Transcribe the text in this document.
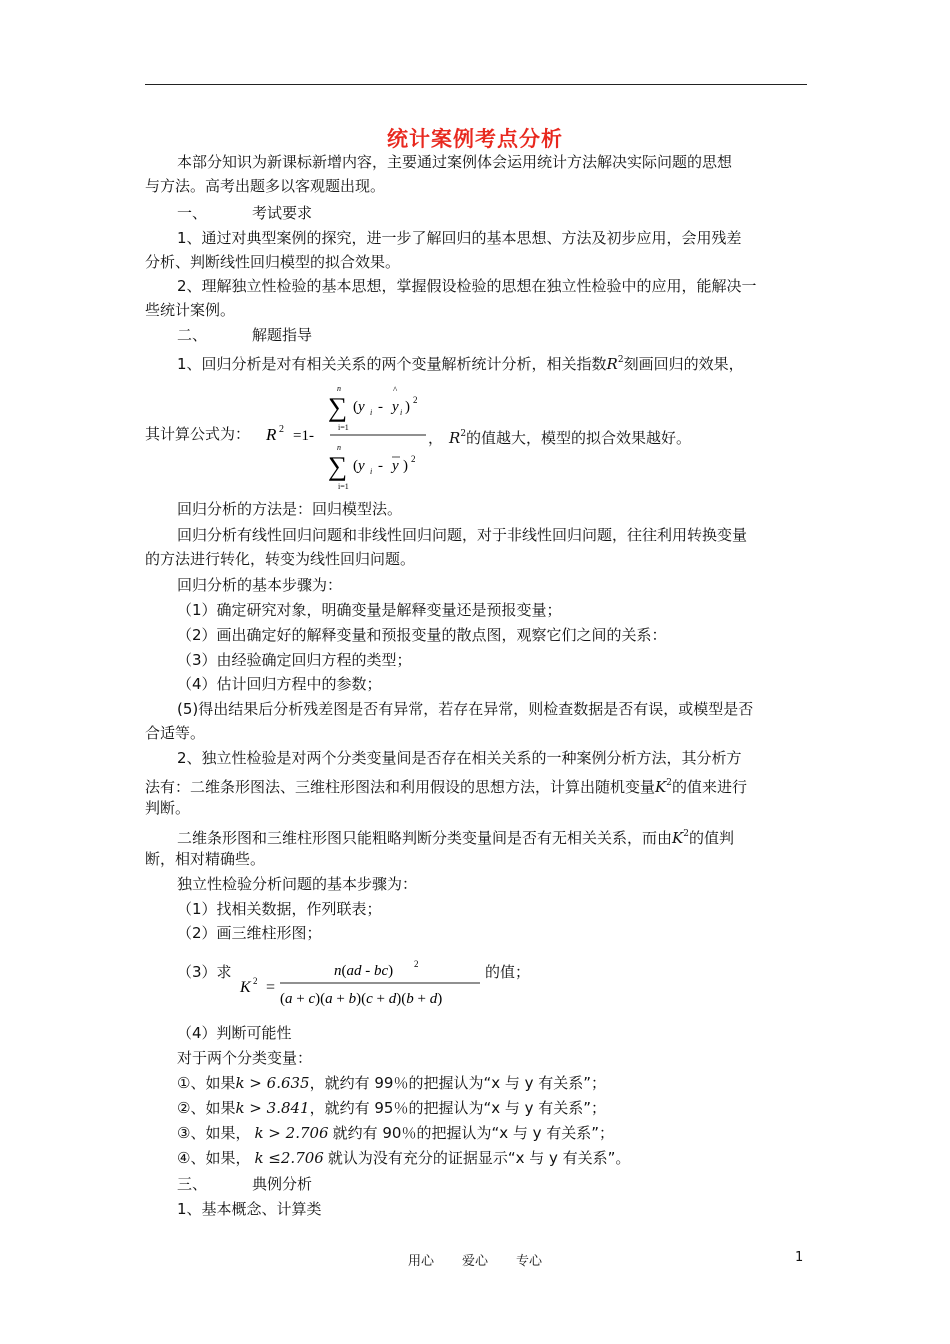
统计案例考点分析
本部分知识为新课标新增内容，主要通过案例体会运用统计方法解决实际问题的思想
与方法。高考出题多以客观题出现。
一、	考试要求
1、通过对典型案例的探究，进一步了解回归的基本思想、方法及初步应用，会用残差
分析、判断线性回归模型的拟合效果。
2、理解独立性检验的基本思想，掌握假设检验的思想在独立性检验中的应用，能解决一
些统计案例。
二、	解题指导
1、回归分析是对有相关关系的两个变量解析统计分析，相关指数$R^2$刻画回归的效果，
其计算公式为： R 2 =1-
n
∑
i=1
(y i - y
^
i ) 2
n
∑
i=1
(y i - y ) 2
， $R^2$的值越大，模型的拟合效果越好。
回归分析的方法是：回归模型法。
回归分析有线性回归问题和非线性回归问题，对于非线性回归问题，往往利用转换变量
的方法进行转化，转变为线性回归问题。
回归分析的基本步骤为：
（1）确定研究对象，明确变量是解释变量还是预报变量；
（2）画出确定好的解释变量和预报变量的散点图，观察它们之间的关系：
（3）由经验确定回归方程的类型；
（4）估计回归方程中的参数；
(5)得出结果后分析残差图是否有异常，若存在异常，则检查数据是否有误，或模型是否
合适等。
2、独立性检验是对两个分类变量间是否存在相关关系的一种案例分析方法，其分析方
法有：二维条形图法、三维柱形图法和利用假设的思想方法，计算出随机变量$K^2$的值来进行
判断。
二维条形图和三维柱形图只能粗略判断分类变量间是否有无相关关系，而由$K^2$的值判
断，相对精确些。
独立性检验分析问题的基本步骤为：
（1）找相关数据，作列联表；
（2）画三维柱形图；
（3）求
K 2 =
n(ad - bc) 2
(a + c)(a + b)(c + d)(b + d)
的值；
（4）判断可能性
对于两个分类变量：
①、如果k > 6.635，就约有 99％的把握认为“x 与 y 有关系”；
②、如果k > 3.841，就约有 95％的把握认为“x 与 y 有关系”；
③、如果， k > 2.706 就约有 90％的把握认为“x 与 y 有关系”；
④、如果， k ≤2.706 就认为没有充分的证据显示“x 与 y 有关系”。
三、	典例分析
1、基本概念、计算类
用心 爱心 专心	1
